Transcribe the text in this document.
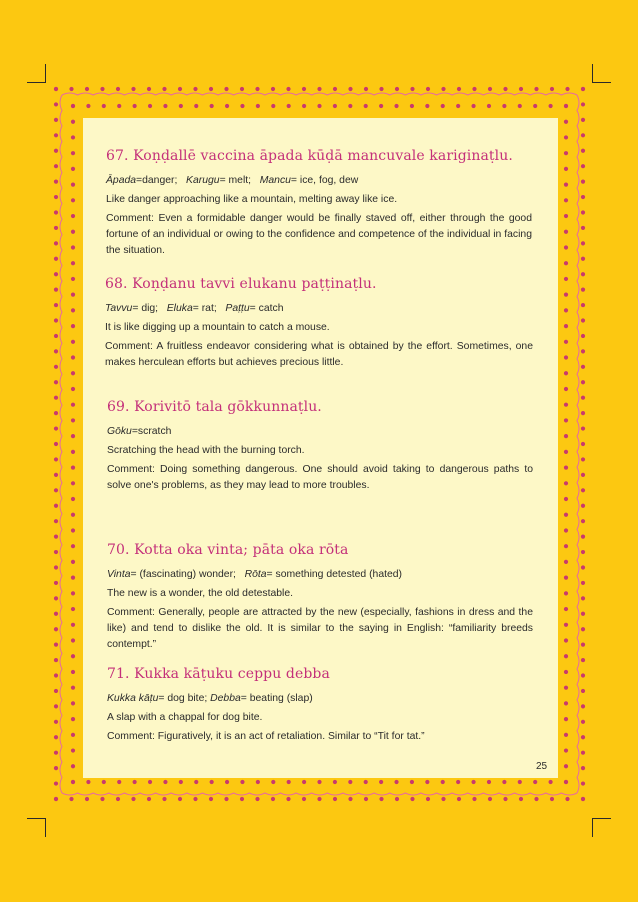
67. Koṇḍallē vaccina āpada kūḍā mancuvale kariginaṭlu.
Āpada=danger; Karugu= melt; Mancu= ice, fog, dew
Like danger approaching like a mountain, melting away like ice.
Comment: Even a formidable danger would be finally staved off, either through the good fortune of an individual or owing to the confidence and competence of the individual in facing the situation.
68. Koṇḍanu tavvi elukanu paṭṭinaṭlu.
Tavvu= dig; Eluka= rat; Paṭṭu= catch
It is like digging up a mountain to catch a mouse.
Comment: A fruitless endeavor considering what is obtained by the effort. Sometimes, one makes herculean efforts but achieves precious little.
69. Korivitō tala gōkkunnaṭlu.
Gōku=scratch
Scratching the head with the burning torch.
Comment: Doing something dangerous. One should avoid taking to dangerous paths to solve one's problems, as they may lead to more troubles.
70. Kotta oka vinta; pāta oka rōta
Vinta= (fascinating) wonder; Rōta= something detested (hated)
The new is a wonder, the old detestable.
Comment: Generally, people are attracted by the new (especially, fashions in dress and the like) and tend to dislike the old. It is similar to the saying in English: “familiarity breeds contempt.”
71. Kukka kāṭuku ceppu debba
Kukka kāṭu= dog bite; Debba= beating (slap)
A slap with a chappal for dog bite.
Comment: Figuratively, it is an act of retaliation. Similar to “Tit for tat.”
25
